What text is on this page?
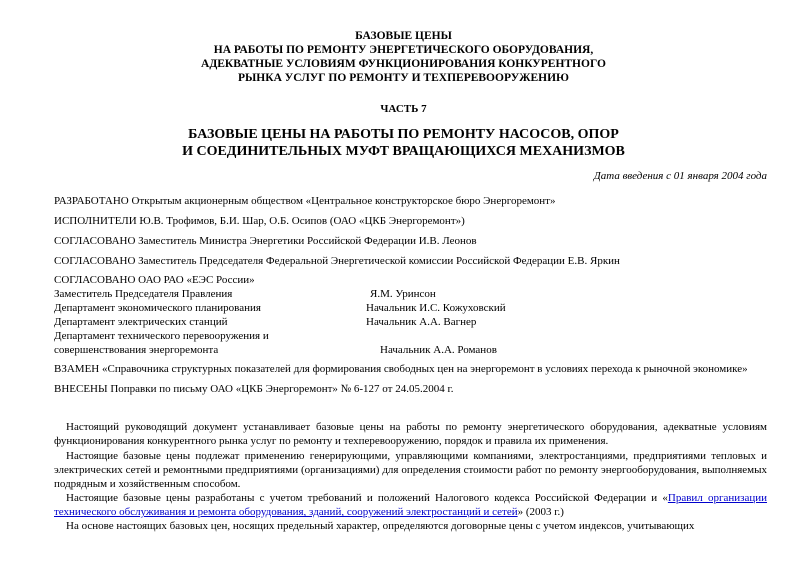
БАЗОВЫЕ ЦЕНЫ
НА РАБОТЫ ПО РЕМОНТУ ЭНЕРГЕТИЧЕСКОГО ОБОРУДОВАНИЯ,
АДЕКВАТНЫЕ УСЛОВИЯМ ФУНКЦИОНИРОВАНИЯ КОНКУРЕНТНОГО
РЫНКА УСЛУГ ПО РЕМОНТУ И ТЕХПЕРЕВООРУЖЕНИЮ
ЧАСТЬ 7
БАЗОВЫЕ ЦЕНЫ НА РАБОТЫ ПО РЕМОНТУ НАСОСОВ, ОПОР
И СОЕДИНИТЕЛЬНЫХ МУФТ ВРАЩАЮЩИХСЯ МЕХАНИЗМОВ
Дата введения с 01 января 2004 года
РАЗРАБОТАНО Открытым акционерным обществом «Центральное конструкторское бюро Энергоремонт»
ИСПОЛНИТЕЛИ Ю.В. Трофимов, Б.И. Шар, О.Б. Осипов (ОАО «ЦКБ Энергоремонт»)
СОГЛАСОВАНО Заместитель Министра Энергетики Российской Федерации И.В. Леонов
СОГЛАСОВАНО Заместитель Председателя Федеральной Энергетической комиссии Российской Федерации Е.В. Яркин
СОГЛАСОВАНО ОАО РАО «ЕЭС России»
Заместитель Председателя Правления	Я.М. Уринсон
Департамент экономического планирования	Начальник И.С. Кожуховский
Департамент электрических станций	Начальник А.А. Вагнер
Департамент технического перевооружения и
совершенствования энергоремонта	Начальник А.А. Романов
ВЗАМЕН «Справочника структурных показателей для формирования свободных цен на энергоремонт в условиях перехода к рыночной экономике»
ВНЕСЕНЫ Поправки по письму ОАО «ЦКБ Энергоремонт» № 6-127 от 24.05.2004 г.
Настоящий руководящий документ устанавливает базовые цены на работы по ремонту энергетического оборудования, адекватные условиям функционирования конкурентного рынка услуг по ремонту и техперевооружению, порядок и правила их применения.
Настоящие базовые цены подлежат применению генерирующими, управляющими компаниями, электростанциями, предприятиями тепловых и электрических сетей и ремонтными предприятиями (организациями) для определения стоимости работ по ремонту энергооборудования, выполняемых подрядным и хозяйственным способом.
Настоящие базовые цены разработаны с учетом требований и положений Налогового кодекса Российской Федерации и «Правил организации технического обслуживания и ремонта оборудования, зданий, сооружений электростанций и сетей» (2003 г.)
На основе настоящих базовых цен, носящих предельный характер, определяются договорные цены с учетом индексов, учитывающих
